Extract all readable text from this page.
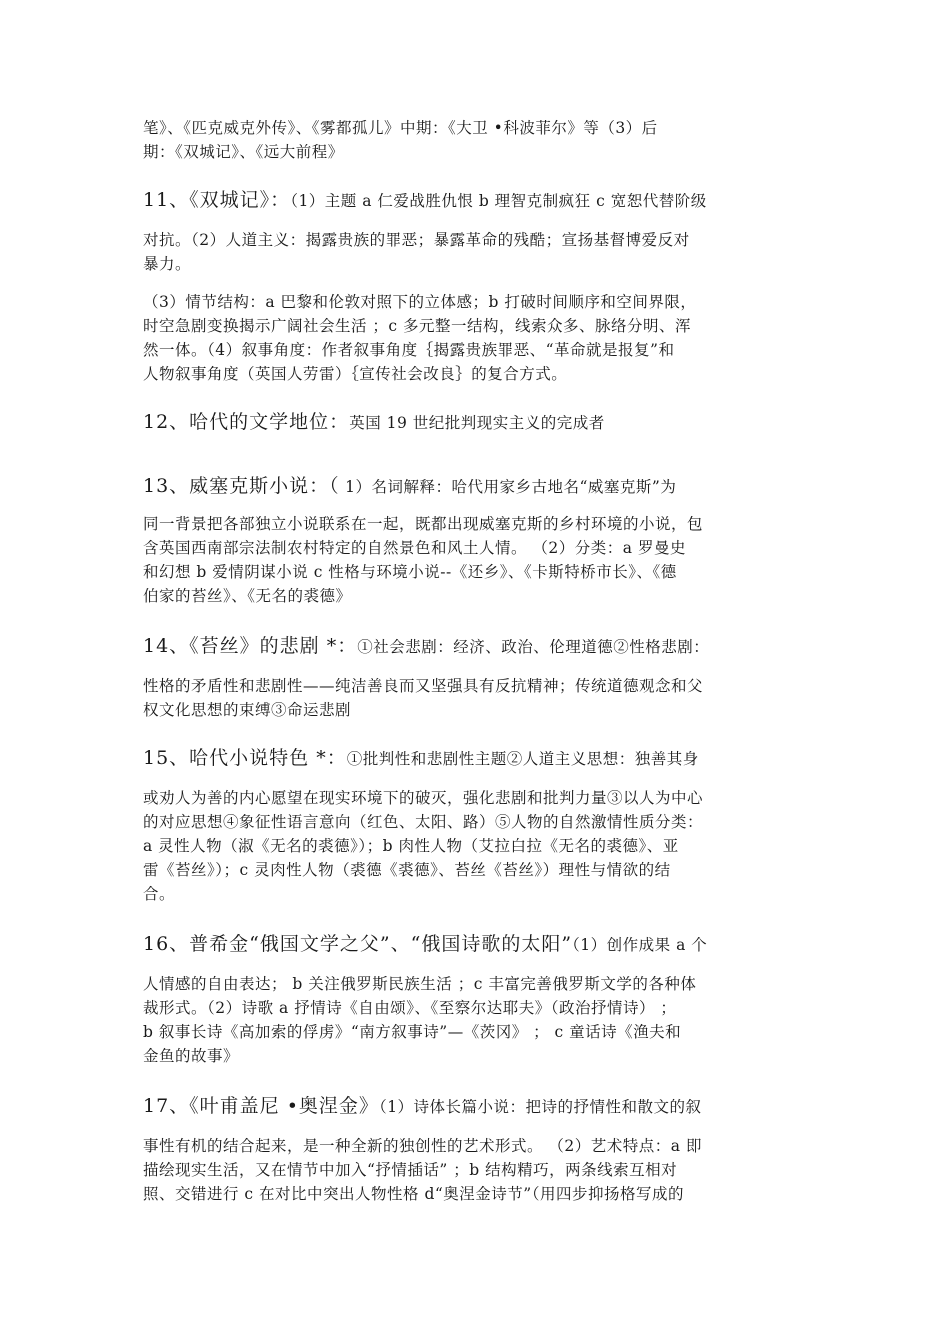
笔》、《匹克威克外传》、《雾都孤儿》中期：《大卫 •科波菲尔》等（3）后
期：《双城记》、《远大前程》
11、《双城记》：（1）主题 a 仁爱战胜仇恨 b 理智克制疯狂 c 宽恕代替阶级
对抗。（2）人道主义：揭露贵族的罪恶；暴露革命的残酷；宣扬基督博爱反对
暴力。
（3）情节结构：a 巴黎和伦敦对照下的立体感；b 打破时间顺序和空间界限，
时空急剧变换揭示广阔社会生活 ；c 多元整一结构，线索众多、脉络分明、浑
然一体。（4）叙事角度：作者叙事角度｛揭露贵族罪恶、“革命就是报复”和
人物叙事角度（英国人劳雷）｛宣传社会改良｝的复合方式。
12、哈代的文学地位：英国 19 世纪批判现实主义的完成者
13、威塞克斯小说：（ 1）名词解释：哈代用家乡古地名“威塞克斯”为
同一背景把各部独立小说联系在一起，既都出现威塞克斯的乡村环境的小说，包
含英国西南部宗法制农村特定的自然景色和风土人情。 （2）分类：a 罗曼史
和幻想 b 爱情阴谋小说 c 性格与环境小说--《还乡》、《卡斯特桥市长》、《德
伯家的苔丝》、《无名的裘德》
14、《苔丝》的悲剧 *：①社会悲剧：经济、政治、伦理道德②性格悲剧：
性格的矛盾性和悲剧性——纯洁善良而又坚强具有反抗精神；传统道德观念和父
权文化思想的束缚③命运悲剧
15、哈代小说特色 *：①批判性和悲剧性主题②人道主义思想：独善其身
或劝人为善的内心愿望在现实环境下的破灭，强化悲剧和批判力量③以人为中心
的对应思想④象征性语言意向（红色、太阳、路）⑤人物的自然激情性质分类：
a 灵性人物（淑《无名的裘德》）；b 肉性人物（艾拉白拉《无名的裘德》、亚
雷《苔丝》）；c 灵肉性人物（裘德《裘德》、苔丝《苔丝》）理性与情欲的结
合。
16、普希金“俄国文学之父”、“俄国诗歌的太阳”（1）创作成果 a 个
人情感的自由表达； b 关注俄罗斯民族生活 ；c 丰富完善俄罗斯文学的各种体
裁形式。（2）诗歌 a 抒情诗《自由颂》、《至察尔达耶夫》（政治抒情诗） ；
b 叙事长诗《高加索的俘虏》“南方叙事诗”—《茨冈》 ； c 童话诗《渔夫和
金鱼的故事》
17、《叶甫盖尼 •奥涅金》（1）诗体长篇小说：把诗的抒情性和散文的叙
事性有机的结合起来，是一种全新的独创性的艺术形式。 （2）艺术特点：a 即
描绘现实生活，又在情节中加入“抒情插话” ；b 结构精巧，两条线索互相对
照、交错进行 c 在对比中突出人物性格 d“奥涅金诗节”（用四步抑扬格写成的
